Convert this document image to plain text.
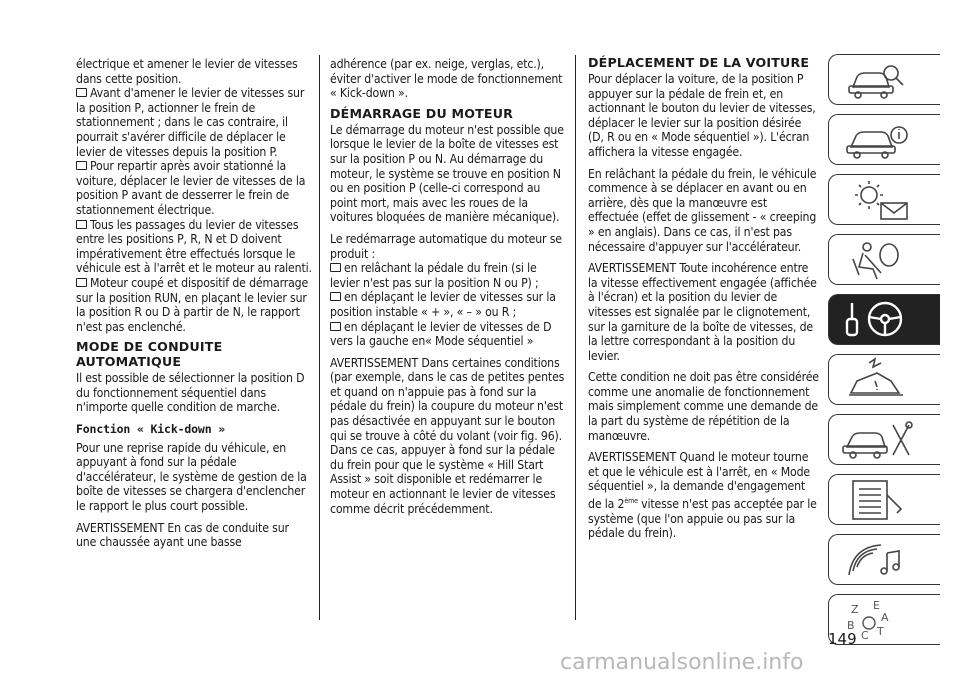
électrique et amener le levier de vitesses dans cette position.

Avant d'amener le levier de vitesses sur la position P, actionner le frein de stationnement ; dans le cas contraire, il pourrait s'avérer difficile de déplacer le levier de vitesses depuis la position P.

Pour repartir après avoir stationné la voiture, déplacer le levier de vitesses de la position P avant de desserrer le frein de stationnement électrique.

Tous les passages du levier de vitesses entre les positions P, R, N et D doivent impérativement être effectués lorsque le véhicule est à l'arrêt et le moteur au ralenti.

Moteur coupé et dispositif de démarrage sur la position RUN, en plaçant le levier sur la position R ou D à partir de N, le rapport n'est pas enclenché.

MODE DE CONDUITE AUTOMATIQUE

Il est possible de sélectionner la position D du fonctionnement séquentiel dans n'importe quelle condition de marche.

Fonction « Kick-down »

Pour une reprise rapide du véhicule, en appuyant à fond sur la pédale d'accélérateur, le système de gestion de la boîte de vitesses se chargera d'enclencher le rapport le plus court possible.

AVERTISSEMENT En cas de conduite sur une chaussée ayant une basse

adhérence (par ex. neige, verglas, etc.), éviter d'activer le mode de fonctionnement « Kick-down ».

DÉMARRAGE DU MOTEUR

Le démarrage du moteur n'est possible que lorsque le levier de la boîte de vitesses est sur la position P ou N. Au démarrage du moteur, le système se trouve en position N ou en position P (celle-ci correspond au point mort, mais avec les roues de la voitures bloquées de manière mécanique).

Le redémarrage automatique du moteur se produit :

en relâchant la pédale du frein (si le levier n'est pas sur la position N ou P) ;

en déplaçant le levier de vitesses sur la position instable « + », « – » ou R ;

en déplaçant le levier de vitesses de D vers la gauche en« Mode séquentiel »

AVERTISSEMENT Dans certaines conditions (par exemple, dans le cas de petites pentes et quand on n'appuie pas à fond sur la pédale du frein) la coupure du moteur n'est pas désactivée en appuyant sur le bouton qui se trouve à côté du volant (voir fig. 96). Dans ce cas, appuyer à fond sur la pédale du frein pour que le système « Hill Start Assist » soit disponible et redémarrer le moteur en actionnant le levier de vitesses comme décrit précédemment.

DÉPLACEMENT DE LA VOITURE

Pour déplacer la voiture, de la position P appuyer sur la pédale de frein et, en actionnant le bouton du levier de vitesses, déplacer le levier sur la position désirée (D, R ou en « Mode séquentiel »). L'écran affichera la vitesse engagée.

En relâchant la pédale du frein, le véhicule commence à se déplacer en avant ou en arrière, dès que la manœuvre est effectuée (effet de glissement - « creeping » en anglais). Dans ce cas, il n'est pas nécessaire d'appuyer sur l'accélérateur.

AVERTISSEMENT Toute incohérence entre la vitesse effectivement engagée (affichée à l'écran) et la position du levier de vitesses est signalée par le clignotement, sur la garniture de la boîte de vitesses, de la lettre correspondant à la position du levier.

Cette condition ne doit pas être considérée comme une anomalie de fonctionnement mais simplement comme une demande de la part du système de répétition de la manœuvre.

AVERTISSEMENT Quand le moteur tourne et que le véhicule est à l'arrêt, en « Mode séquentiel », la demande d'engagement de la 2ème vitesse n'est pas acceptée par le système (que l'on appuie ou pas sur la pédale du frein).

Z E
B
C T
A
149
carmanualsonline.info
